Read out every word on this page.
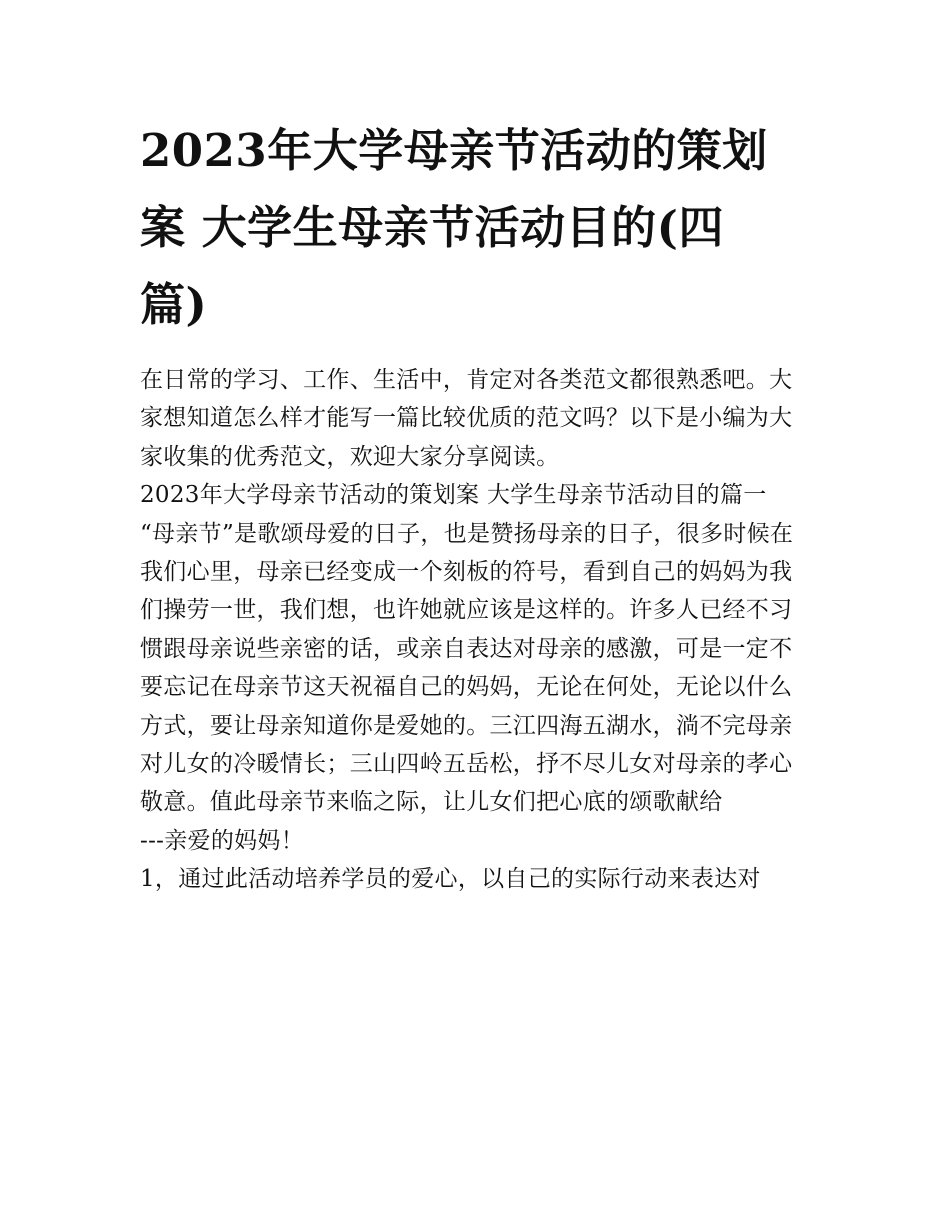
2023年大学母亲节活动的策划
案 大学生母亲节活动目的(四
篇)

在日常的学习、工作、生活中，肯定对各类范文都很熟悉吧。大家想知道怎么样才能写一篇比较优质的范文吗？以下是小编为大家收集的优秀范文，欢迎大家分享阅读。

2023年大学母亲节活动的策划案 大学生母亲节活动目的篇一

“母亲节”是歌颂母爱的日子，也是赞扬母亲的日子，很多时候在我们心里，母亲已经变成一个刻板的符号，看到自己的妈妈为我们操劳一世，我们想，也许她就应该是这样的。许多人已经不习惯跟母亲说些亲密的话，或亲自表达对母亲的感激，可是一定不要忘记在母亲节这天祝福自己的妈妈，无论在何处，无论以什么方式，要让母亲知道你是爱她的。三江四海五湖水，淌不完母亲对儿女的冷暖情长；三山四岭五岳松，抒不尽儿女对母亲的孝心敬意。值此母亲节来临之际，让儿女们把心底的颂歌献给

---亲爱的妈妈！

1，通过此活动培养学员的爱心，以自己的实际行动来表达对
